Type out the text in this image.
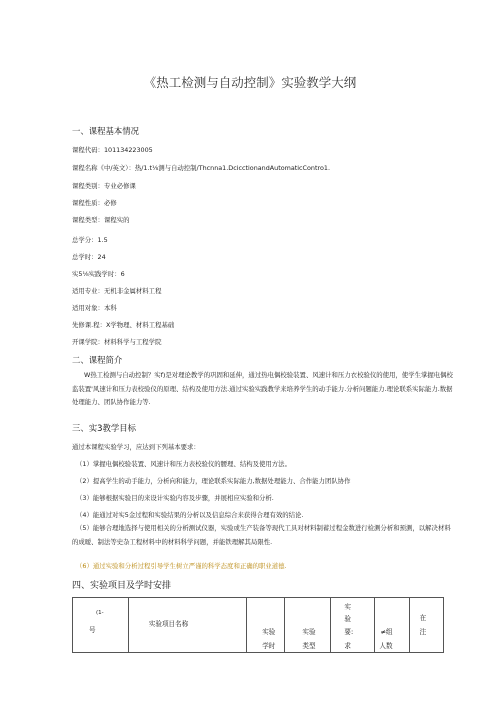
《热工检测与自动控制》实验教学大纲
一、课程基本情况
课程代码：101134223005
课程名称《中/英文）：热/1.t⅛测与自动控制/Thcnna1.DcicctionandAutomaticContro1.
课程类别：专业必修课
课程性质：必修
课程类型：课程实的
总学分：1.5
总学时：24
实5⅛实践学时：6
适用专业：无机非金属材料工程
适用对象：本科
先修课.程：X学物理、材料工程基础
开课学院：材料科学与工程学院
二、课程简介
W热工检测与自动控制？实f)是对理论教学的巩固和延伸，通过热电偶校验装置、风速计和压力衣校验仪的使用，使学生掌握电偶校监装置'风速计和压力表校验仪的原理、结构及使用方法.通过实验实践教学来培养学生的动手能力.分析问题能力.理论联系实际能力.数据处理能力、团队协作能力等.
三、实3教学目标
通过本课程实验学习，应达到下列基本要求：
（1）掌握电偶校验装置、风速计和压力表校验仪的腰理、结构及使用方法。
（2）提高学生的动手能力，分析向和能力，理论联系实际能力,数据处理能力、合作能力团队协作
（3）能够根据实验目的来设计实验内容及步骤，并展相应实验和分析.
（4）能通过对实5金过程和实验结果的分析以及信息综合来获得合理有效的结论.
（5）能够合理地选择与使用相关的分析测试仪器，实验或生产装备等现代工具对材料制蓄过程金数进行检测分析和预测，以解决材料的成暧、制法等史杂工程材料中的材料科学问题，并能铁理解其局限性.
（6）通过实验和分析过程引导学生树立严谨的科学态度和正确的职业道德.
四、实验项目及学时安排
(1-
号

实验项目名称

实验
学时

实验
类型

实
验
要:
求

≠组
人数

在
注
